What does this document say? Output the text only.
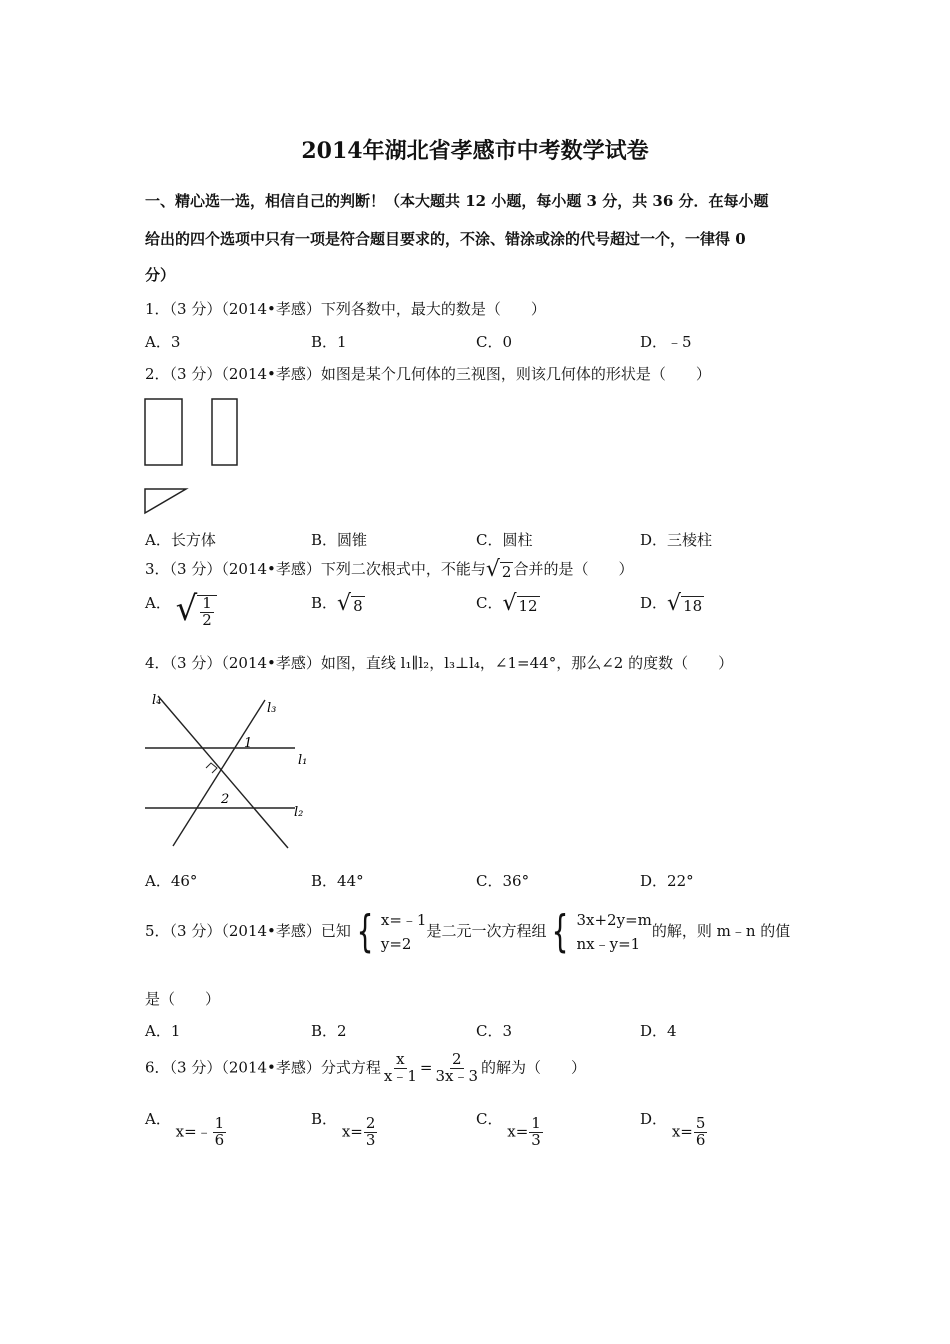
2014年湖北省孝感市中考数学试卷
一、精心选一选，相信自己的判断！（本大题共 12 小题，每小题 3 分，共 36 分．在每小题
给出的四个选项中只有一项是符合题目要求的，不涂、错涂或涂的代号超过一个，一律得 0
分）
1．（3 分）（2014•孝感）下列各数中，最大的数是（　　）
A．3	B．1	C．0	D．﹣5
2．（3 分）（2014•孝感）如图是某个几何体的三视图，则该几何体的形状是（　　）
A．长方体	B．圆锥	C．圆柱	D．三棱柱
3．（3 分）（2014•孝感）下列二次根式中，不能与 √ 2 合并的是（　　）
A． √ $\frac{1}{2}$	B． √ 8	C． √ 12	D． √ 18
4．（3 分）（2014•孝感）如图，直线 l₁∥l₂，l₃⊥l₄，∠1=44°，那么∠2 的度数（　　）
l₄
l₃
l₁
l₂
1
2
A．46°	B．44°	C．36°	D．22°
5．（3 分）（2014•孝感）已知 { x=﹣1
y=2
是二元一次方程组 { 3x+2y=m
nx﹣y=1
的解，则 m﹣n 的值
是（　　）
A．1	B．2	C．3	D．4
6．（3 分）（2014•孝感）分式方程 $\frac{x}{x﹣1} = \frac{2}{3x﹣3}$ 的解为（　　）
A． x=﹣ $\frac{1}{6}$	B． $x= \frac{2}{3}$	C． $x= \frac{1}{3}$	D． $x= \frac{5}{6}$
